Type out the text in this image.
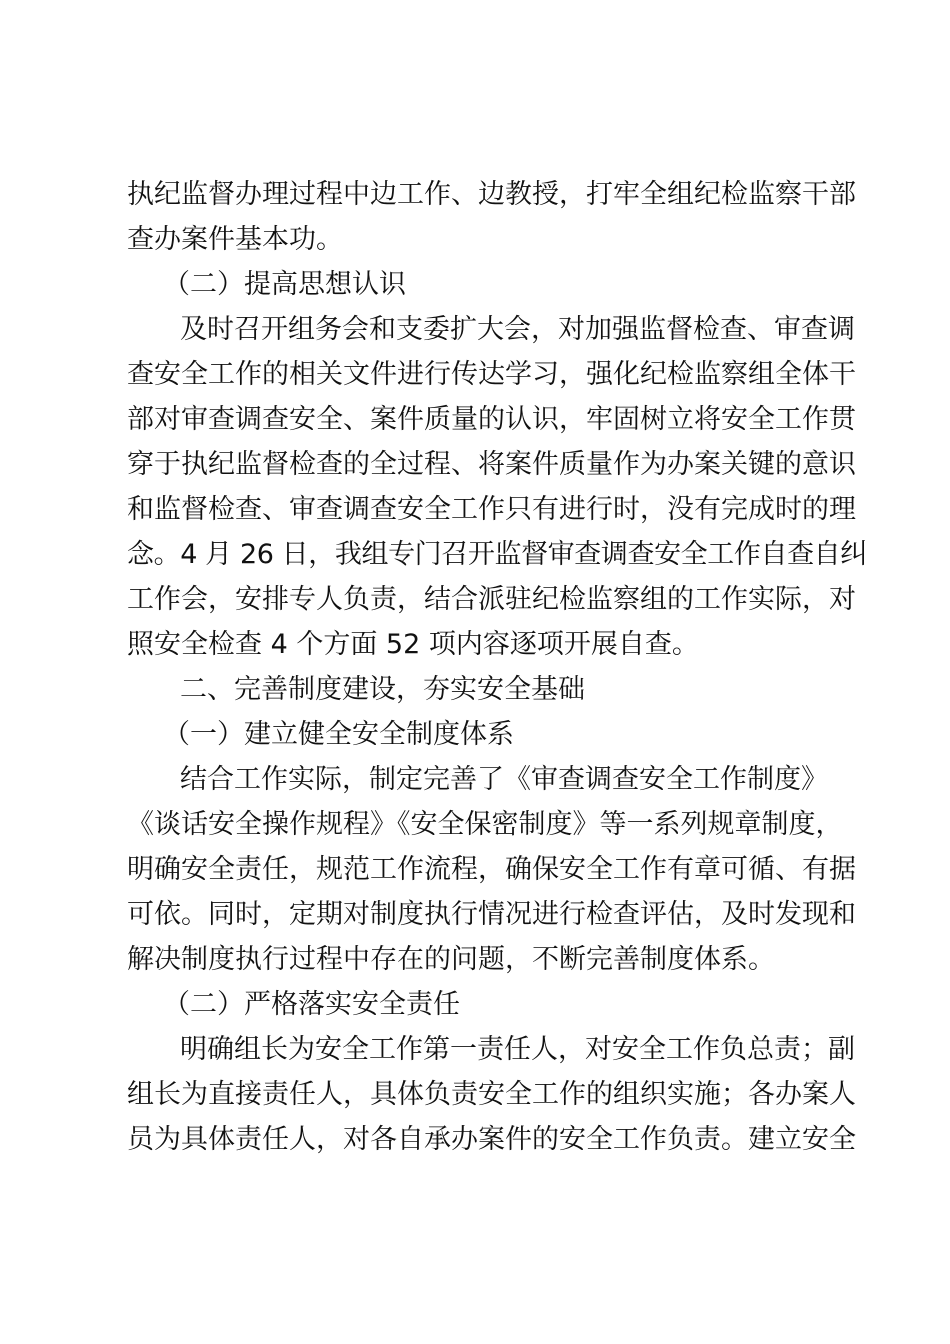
执纪监督办理过程中边工作、边教授，打牢全组纪检监察干部

查办案件基本功。

（二）提高思想认识

及时召开组务会和支委扩大会，对加强监督检查、审查调

查安全工作的相关文件进行传达学习，强化纪检监察组全体干

部对审查调查安全、案件质量的认识，牢固树立将安全工作贯

穿于执纪监督检查的全过程、将案件质量作为办案关键的意识

和监督检查、审查调查安全工作只有进行时，没有完成时的理

念。4 月 26 日，我组专门召开监督审查调查安全工作自查自纠

工作会，安排专人负责，结合派驻纪检监察组的工作实际，对

照安全检查 4 个方面 52 项内容逐项开展自查。

二、完善制度建设，夯实安全基础

（一）建立健全安全制度体系

结合工作实际，制定完善了《审查调查安全工作制度》

《谈话安全操作规程》《安全保密制度》等一系列规章制度，

明确安全责任，规范工作流程，确保安全工作有章可循、有据

可依。同时，定期对制度执行情况进行检查评估，及时发现和

解决制度执行过程中存在的问题，不断完善制度体系。

（二）严格落实安全责任

明确组长为安全工作第一责任人，对安全工作负总责；副

组长为直接责任人，具体负责安全工作的组织实施；各办案人

员为具体责任人，对各自承办案件的安全工作负责。建立安全
